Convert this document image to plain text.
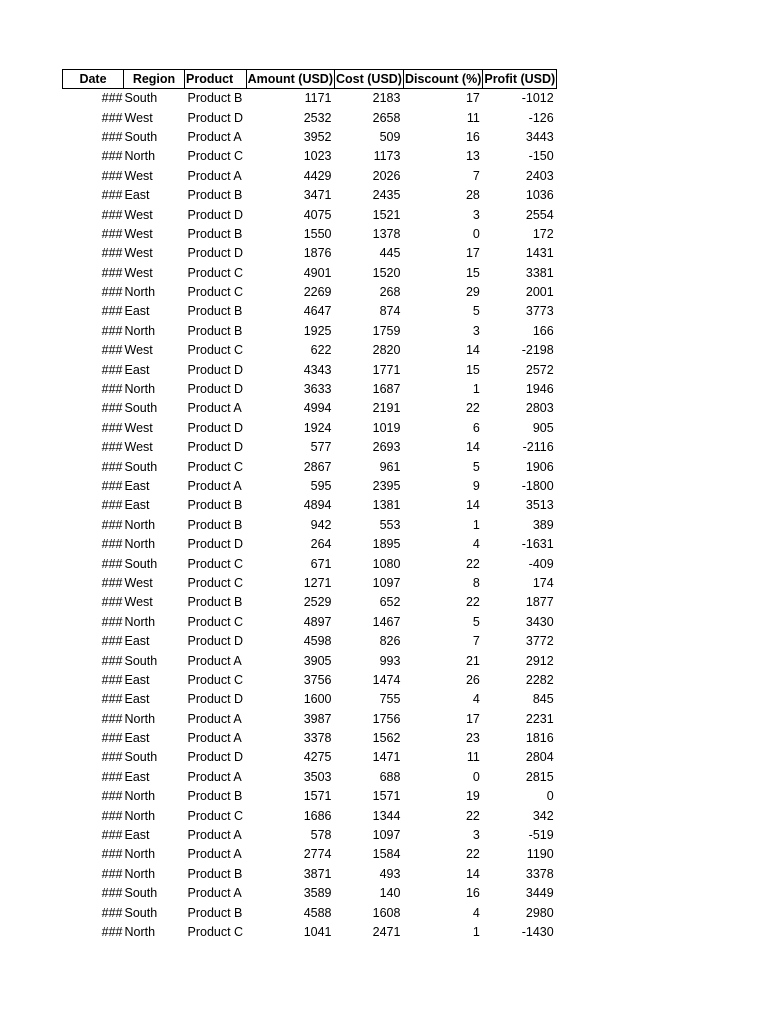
Date	Region	Product	Amount (USD)	Cost (USD)	Discount (%)	Profit (USD)
###	South	Product B	1171	2183	17	-1012
###	West	Product D	2532	2658	11	-126
###	South	Product A	3952	509	16	3443
###	North	Product C	1023	1173	13	-150
###	West	Product A	4429	2026	7	2403
###	East	Product B	3471	2435	28	1036
###	West	Product D	4075	1521	3	2554
###	West	Product B	1550	1378	0	172
###	West	Product D	1876	445	17	1431
###	West	Product C	4901	1520	15	3381
###	North	Product C	2269	268	29	2001
###	East	Product B	4647	874	5	3773
###	North	Product B	1925	1759	3	166
###	West	Product C	622	2820	14	-2198
###	East	Product D	4343	1771	15	2572
###	North	Product D	3633	1687	1	1946
###	South	Product A	4994	2191	22	2803
###	West	Product D	1924	1019	6	905
###	West	Product D	577	2693	14	-2116
###	South	Product C	2867	961	5	1906
###	East	Product A	595	2395	9	-1800
###	East	Product B	4894	1381	14	3513
###	North	Product B	942	553	1	389
###	North	Product D	264	1895	4	-1631
###	South	Product C	671	1080	22	-409
###	West	Product C	1271	1097	8	174
###	West	Product B	2529	652	22	1877
###	North	Product C	4897	1467	5	3430
###	East	Product D	4598	826	7	3772
###	South	Product A	3905	993	21	2912
###	East	Product C	3756	1474	26	2282
###	East	Product D	1600	755	4	845
###	North	Product A	3987	1756	17	2231
###	East	Product A	3378	1562	23	1816
###	South	Product D	4275	1471	11	2804
###	East	Product A	3503	688	0	2815
###	North	Product B	1571	1571	19	0
###	North	Product C	1686	1344	22	342
###	East	Product A	578	1097	3	-519
###	North	Product A	2774	1584	22	1190
###	North	Product B	3871	493	14	3378
###	South	Product A	3589	140	16	3449
###	South	Product B	4588	1608	4	2980
###	North	Product C	1041	2471	1	-1430
